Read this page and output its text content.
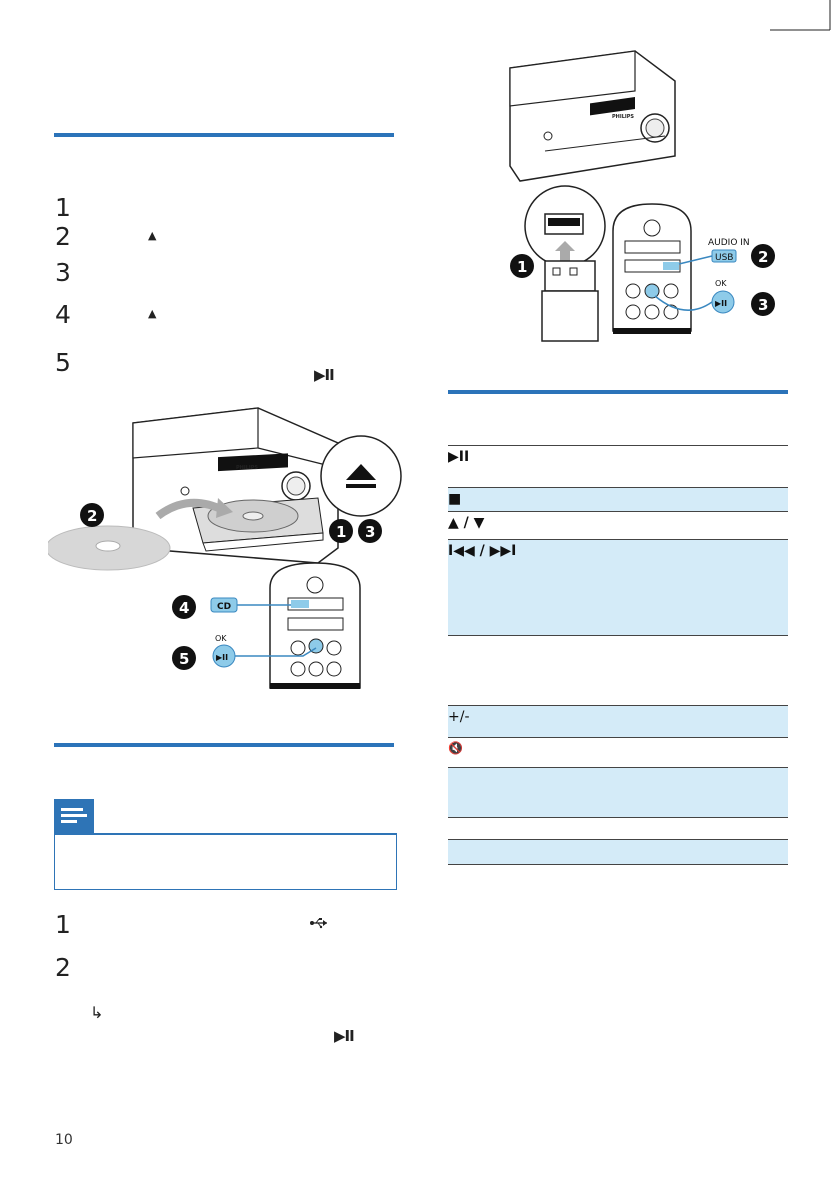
1
2	▲
3
4	▲
5	▶II
PHILIPS
CD
OK
▶II
2
1 3
4
5
1
2
↳
▶II
10
PHILIPS
AUDIO IN
USB
OK
▶II
1
2
3
▶II
■
▲ / ▼
I◀◀ / ▶▶I
+/-
🔇
